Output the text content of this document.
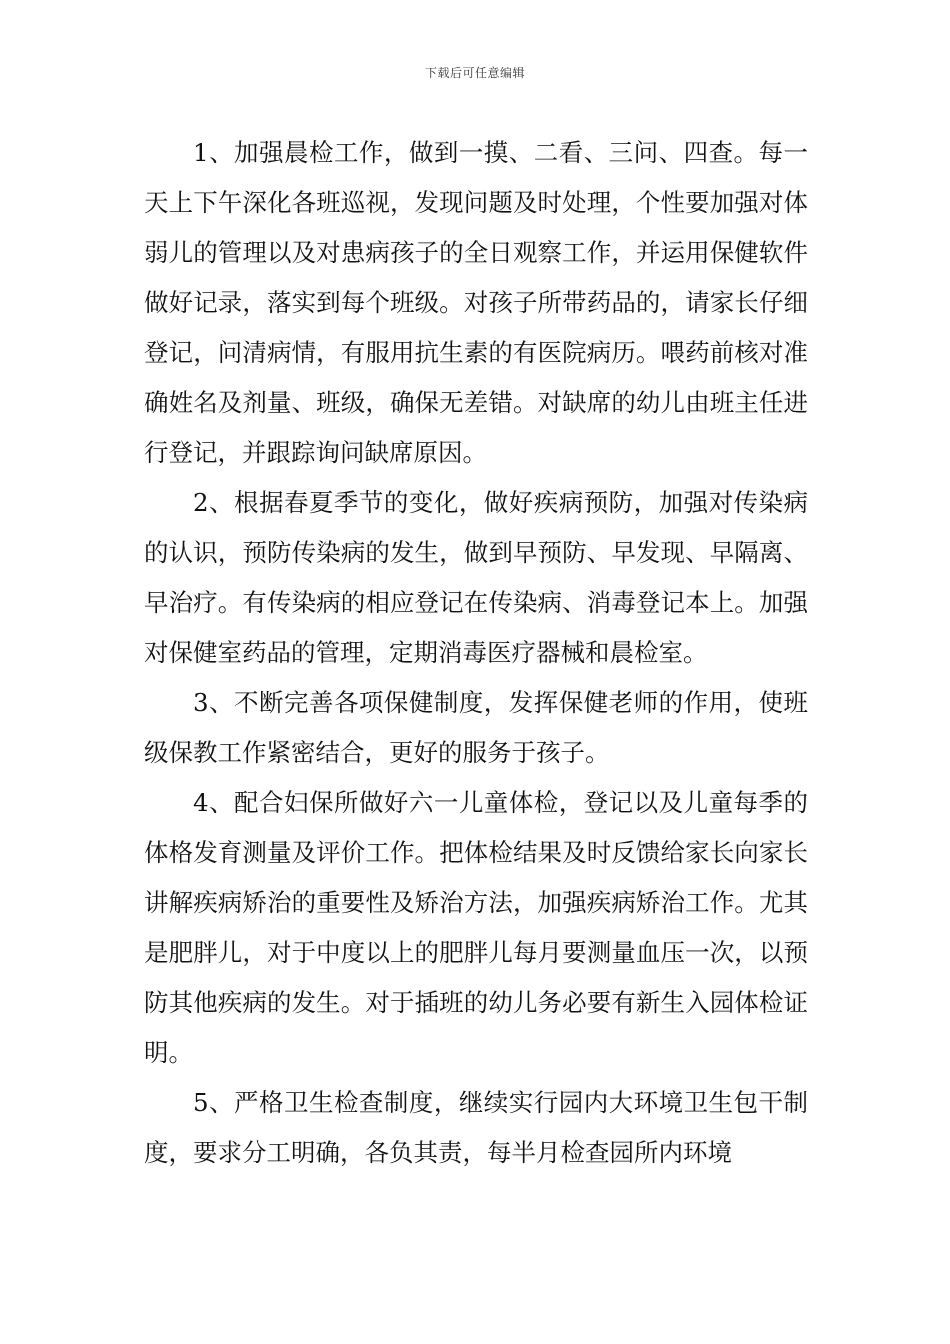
下载后可任意编辑

1、加强晨检工作，做到一摸、二看、三问、四查。每一天上下午深化各班巡视，发现问题及时处理，个性要加强对体弱儿的管理以及对患病孩子的全日观察工作，并运用保健软件做好记录，落实到每个班级。对孩子所带药品的，请家长仔细登记，问清病情，有服用抗生素的有医院病历。喂药前核对准确姓名及剂量、班级，确保无差错。对缺席的幼儿由班主任进行登记，并跟踪询问缺席原因。

2、根据春夏季节的变化，做好疾病预防，加强对传染病的认识，预防传染病的发生，做到早预防、早发现、早隔离、早治疗。有传染病的相应登记在传染病、消毒登记本上。加强对保健室药品的管理，定期消毒医疗器械和晨检室。

3、不断完善各项保健制度，发挥保健老师的作用，使班级保教工作紧密结合，更好的服务于孩子。

4、配合妇保所做好六一儿童体检，登记以及儿童每季的体格发育测量及评价工作。把体检结果及时反馈给家长向家长讲解疾病矫治的重要性及矫治方法，加强疾病矫治工作。尤其是肥胖儿，对于中度以上的肥胖儿每月要测量血压一次，以预防其他疾病的发生。对于插班的幼儿务必要有新生入园体检证明。

5、严格卫生检查制度，继续实行园内大环境卫生包干制度，要求分工明确，各负其责，每半月检查园所内环境
